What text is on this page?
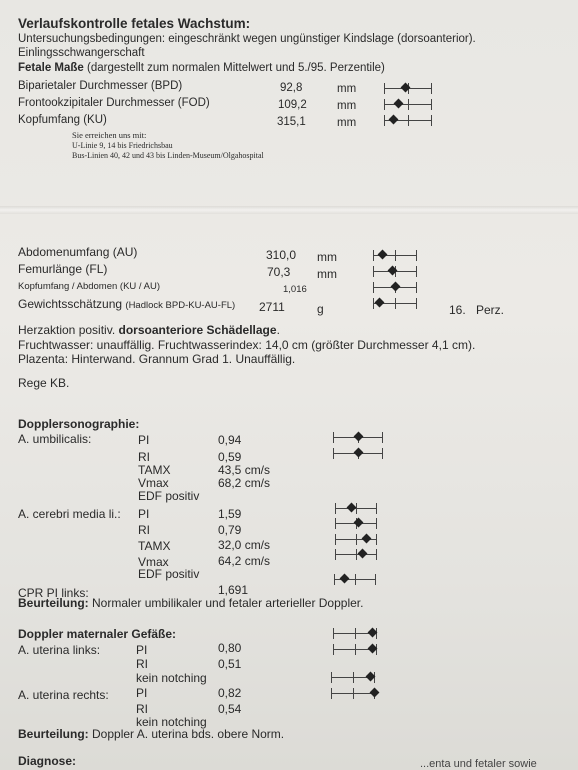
Verlaufskontrolle fetales Wachstum:
Untersuchungsbedingungen: eingeschränkt wegen ungünstiger Kindslage (dorsoanterior).
Einlingsschwangerschaft
Fetale Maße (dargestellt zum normalen Mittelwert und 5./95. Perzentile)
Biparietaler Durchmesser (BPD)	92,8	mm
Frontookzipitaler Durchmesser (FOD)	109,2	mm
Kopfumfang (KU)	315,1	mm
Sie erreichen uns mit:
U-Linie 9, 14 bis Friedrichsbau
Bus-Linien 40, 42 und 43 bis Linden-Museum/Olgahospital
Abdomenumfang (AU)	310,0 mm
Femurlänge (FL)	70,3 mm
Kopfumfang / Abdomen (KU / AU)	1,016
Gewichtsschätzung (Hadlock BPD-KU-AU-FL) 2711	g	16. Perz.
Herzaktion positiv. dorsoanteriore Schädellage.
Fruchtwasser: unauffällig. Fruchtwasserindex: 14,0 cm (größter Durchmesser 4,1 cm).
Plazenta: Hinterwand. Grannum Grad 1. Unauffällig.
Rege KB.
Dopplersonographie:
A. umbilicalis:	PI	0,94
RI	0,59
TAMX	43,5 cm/s
Vmax	68,2 cm/s
EDF positiv
A. cerebri media li.: PI	1,59
RI	0,79
TAMX	32,0 cm/s
Vmax	64,2 cm/s
EDF positiv
CPR PI links:	1,691
Beurteilung: Normaler umbilikaler und fetaler arterieller Doppler.
Doppler maternaler Gefäße:
A. uterina links:	PI	0,80
RI	0,51
kein notching
A. uterina rechts: PI	0,82
RI	0,54
kein notching
Beurteilung: Doppler A. uterina bds. obere Norm.
Diagnose:	...enta und fetaler sowie
